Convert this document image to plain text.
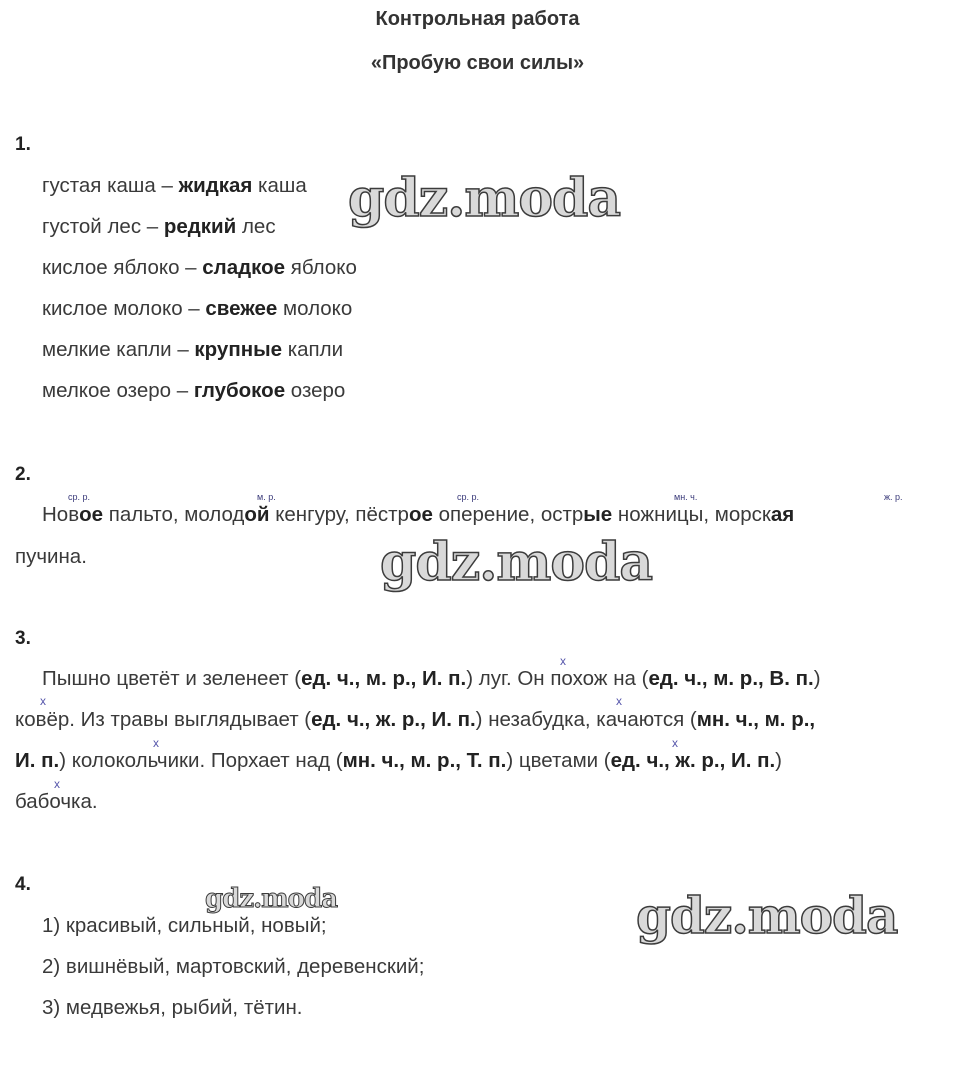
Контрольная работа
«Пробую свои силы»
1.
густая каша – жидкая каша
густой лес – редкий лес
кислое яблоко – сладкое яблоко
кислое молоко – свежее молоко
мелкие капли – крупные капли
мелкое озеро – глубокое озеро
2.
ср. р.	м. р.	ср. р.	мн. ч.	ж. р.
Новое пальто, молодой кенгуру, пёстрое оперение, острые ножницы, морская
пучина.
3.
x
x	x
x	x
x
Пышно цветёт и зеленеет (ед. ч., м. р., И. п.) луг. Он похож на (ед. ч., м. р., В. п.)
ковёр. Из травы выглядывает (ед. ч., ж. р., И. п.) незабудка, качаются (мн. ч., м. р.,
И. п.) колокольчики. Порхает над (мн. ч., м. р., Т. п.) цветами (ед. ч., ж. р., И. п.)
бабочка.
4.
1) красивый, сильный, новый;
2) вишнёвый, мартовский, деревенский;
3) медвежья, рыбий, тётин.
gdz.moda
gdz.moda
gdz.moda	gdz.moda
